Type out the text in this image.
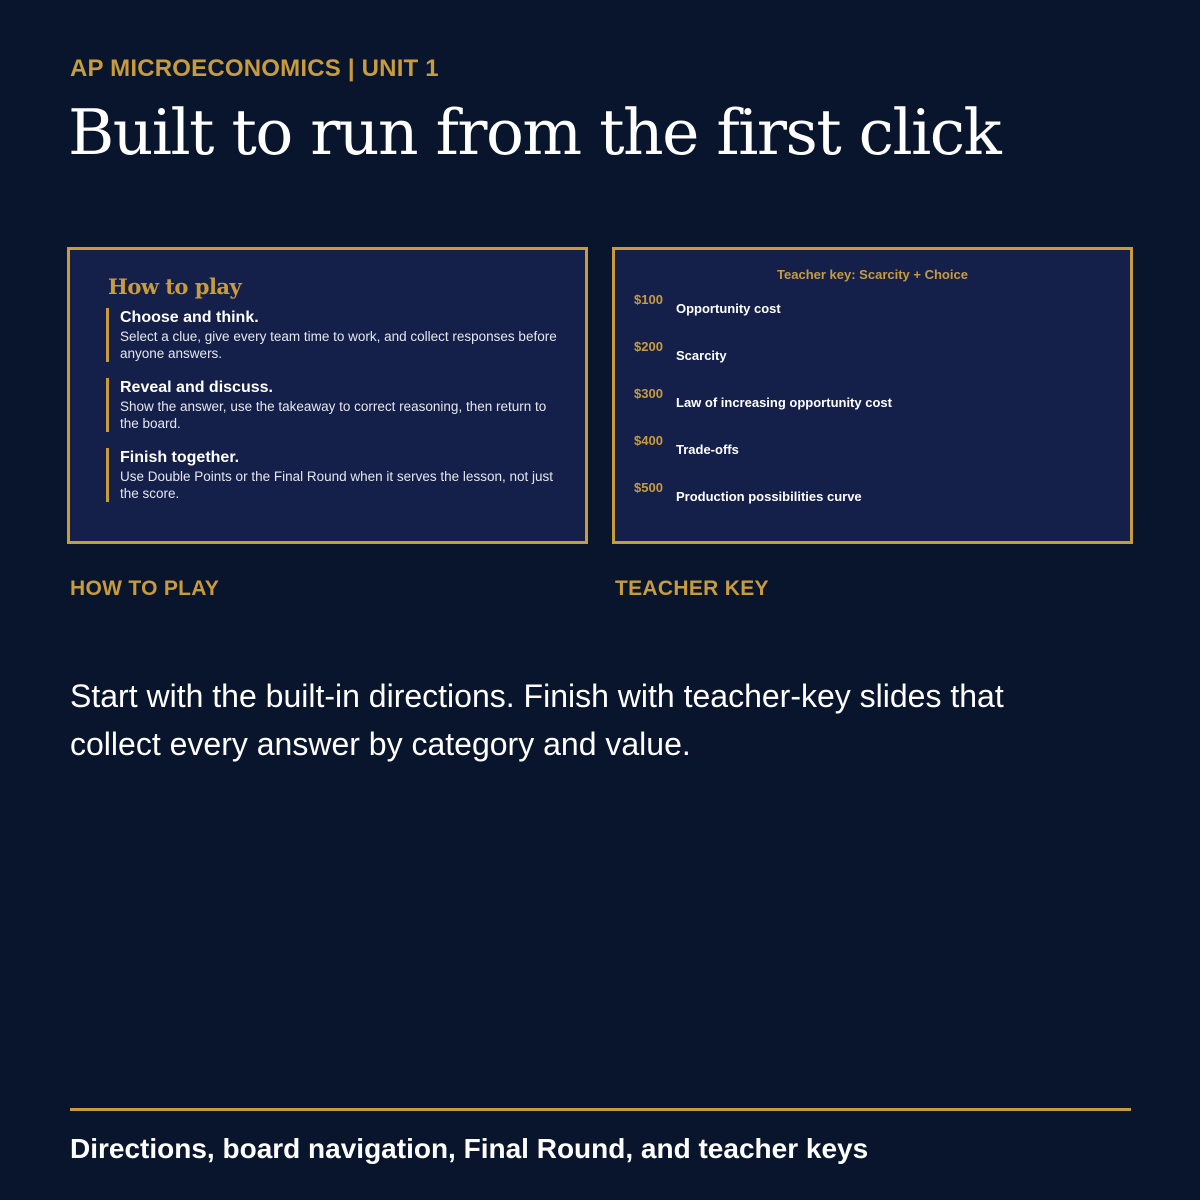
AP MICROECONOMICS | UNIT 1
Built to run from the first click
How to play
Choose and think.
Select a clue, give every team time to work, and collect responses before anyone answers.
Reveal and discuss.
Show the answer, use the takeaway to correct reasoning, then return to the board.
Finish together.
Use Double Points or the Final Round when it serves the lesson, not just the score.
Teacher key: Scarcity + Choice
$100
Opportunity cost
$200
Scarcity
$300
Law of increasing opportunity cost
$400
Trade-offs
$500
Production possibilities curve
HOW TO PLAY	TEACHER KEY

Start with the built-in directions. Finish with teacher-key slides that collect every answer by category and value.

Directions, board navigation, Final Round, and teacher keys
